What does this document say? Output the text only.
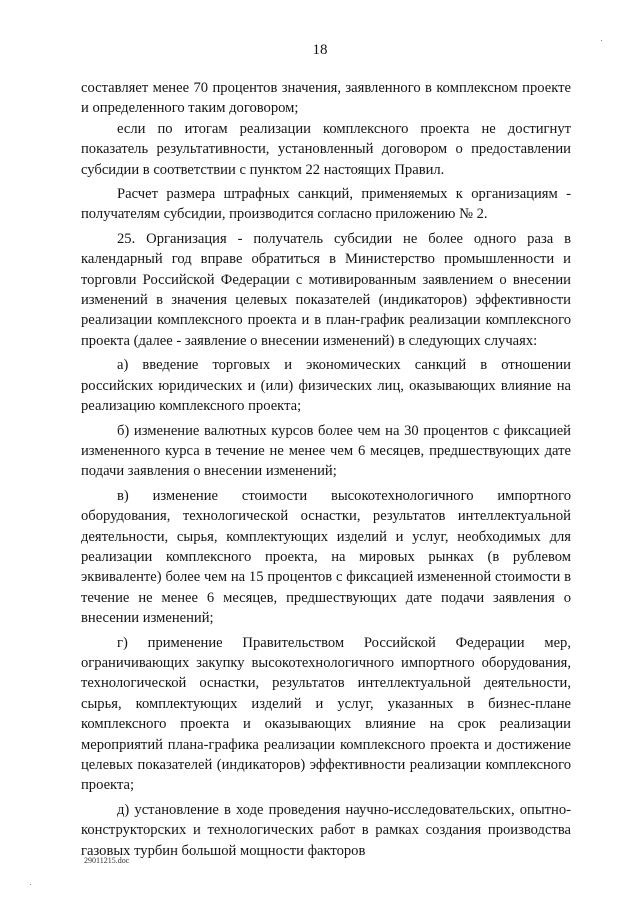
18

составляет менее 70 процентов значения, заявленного в комплексном проекте и определенного таким договором;

если по итогам реализации комплексного проекта не достигнут показатель результативности, установленный договором о предоставлении субсидии в соответствии с пунктом 22 настоящих Правил.

Расчет размера штрафных санкций, применяемых к организациям - получателям субсидии, производится согласно приложению № 2.

25. Организация - получатель субсидии не более одного раза в календарный год вправе обратиться в Министерство промышленности и торговли Российской Федерации с мотивированным заявлением о внесении изменений в значения целевых показателей (индикаторов) эффективности реализации комплексного проекта и в план-график реализации комплексного проекта (далее - заявление о внесении изменений) в следующих случаях:

а) введение торговых и экономических санкций в отношении российских юридических и (или) физических лиц, оказывающих влияние на реализацию комплексного проекта;

б) изменение валютных курсов более чем на 30 процентов с фиксацией измененного курса в течение не менее чем 6 месяцев, предшествующих дате подачи заявления о внесении изменений;

в) изменение стоимости высокотехнологичного импортного оборудования, технологической оснастки, результатов интеллектуальной деятельности, сырья, комплектующих изделий и услуг, необходимых для реализации комплексного проекта, на мировых рынках (в рублевом эквиваленте) более чем на 15 процентов с фиксацией измененной стоимости в течение не менее 6 месяцев, предшествующих дате подачи заявления о внесении изменений;

г) применение Правительством Российской Федерации мер, ограничивающих закупку высокотехнологичного импортного оборудования, технологической оснастки, результатов интеллектуальной деятельности, сырья, комплектующих изделий и услуг, указанных в бизнес-плане комплексного проекта и оказывающих влияние на срок реализации мероприятий плана-графика реализации комплексного проекта и достижение целевых показателей (индикаторов) эффективности реализации комплексного проекта;

д) установление в ходе проведения научно-исследовательских, опытно-конструкторских и технологических работ в рамках создания производства газовых турбин большой мощности факторов

29011215.doc
